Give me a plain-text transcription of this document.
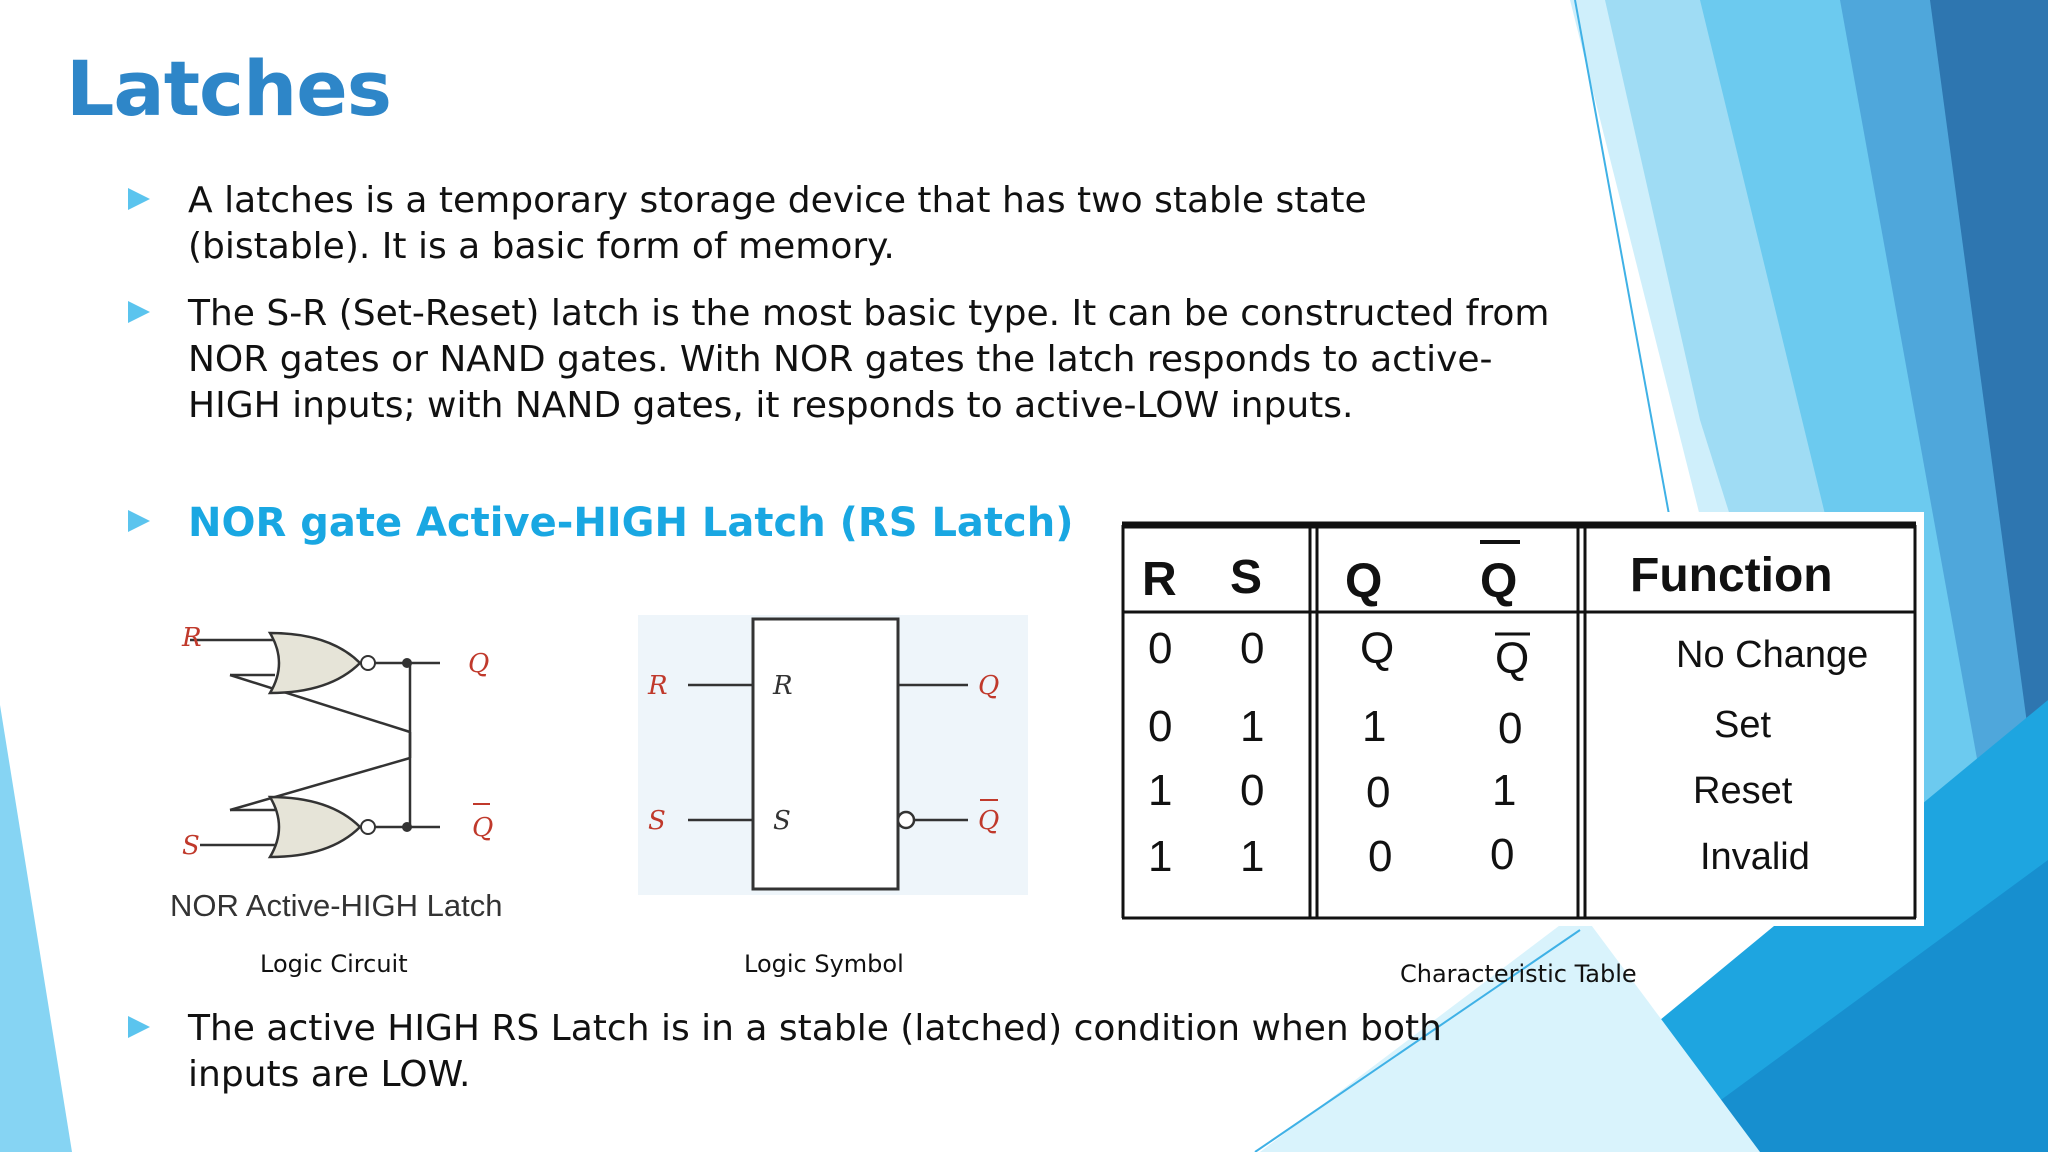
Latches
A latches is a temporary storage device that has two stable state (bistable). It is a basic form of memory.
The S-R (Set-Reset) latch is the most basic type. It can be constructed from NOR gates or NAND gates. With NOR gates the latch responds to active-HIGH inputs; with NAND gates, it responds to active-LOW inputs.
NOR gate Active-HIGH Latch (RS Latch)
R
S
Q
Q
NOR Active-HIGH Latch
Logic Circuit
R
S
R
S
Q
Q
Logic Symbol
R S Q Q Function
0 0 Q Q	No Change
0 1 1	0	Set
1 0 0 1	Reset
1 1 0 0	Invalid
Characteristic Table
The active HIGH RS Latch is in a stable (latched) condition when both inputs are LOW.
